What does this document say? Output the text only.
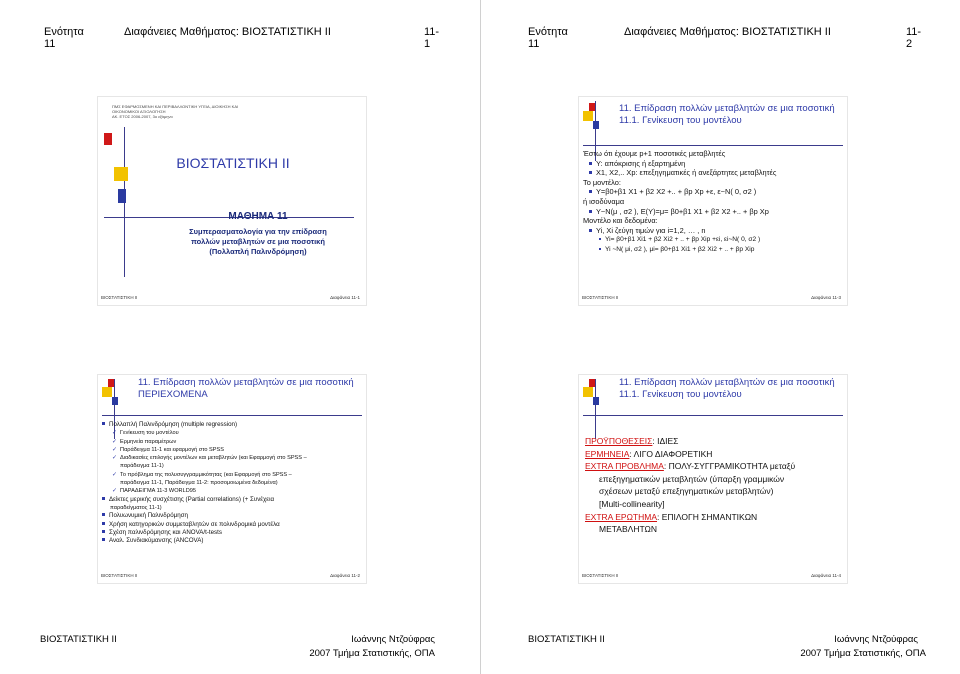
Ενότητα 11
Διαφάνειες Μαθήματος: ΒΙΟΣΤΑΤΙΣΤΙΚΗ ΙΙ	11-1
Ενότητα 11
Διαφάνειες Μαθήματος: ΒΙΟΣΤΑΤΙΣΤΙΚΗ ΙΙ	11-2
ΠΜΣ ΕΦΑΡΜΟΣΜΕΝΗ ΚΑΙ ΠΕΡΙΒΑΛΛΟΝΤΙΚΗ ΥΓΕΙΑ, ΔΙΟΙΚΗΣΗ ΚΑΙ
ΟΙΚΟΝΟΜΙΚΟΙ ΑΞΙΟΛΟΓΗΣΗ
ΑΚ. ΕΤΟΣ 2006-2007, 3ο εξάμηνο
ΒΙΟΣΤΑΤΙΣΤΙΚΗ ΙΙ
ΜΑΘΗΜΑ 11
Συμπερασματολογία για την επίδραση
πολλών μεταβλητών σε μια ποσοτική
(Πολλαπλή Παλινδρόμηση)
ΒΙΟΣΤΑΤΙΣΤΙΚΗ ΙΙ	Διαφάνεια 11-1
11. Επίδραση πολλών μεταβλητών σε μια ποσοτική
11.1. Γενίκευση του μοντέλου
Έστω ότι έχουμε p+1 ποσοτικές μεταβλητές
Y: απόκρισης ή εξαρτημένη
X1, X2,.. Xp: επεξηγηματικές ή ανεξάρτητες μεταβλητές
Το μοντέλο:
Y=β0+β1 X1 + β2 X2 +.. + βp Xp +ε, ε~N( 0, σ2 )
ή ισοδύναμα
Y~N(μ , σ2 ), E(Y)=μ= β0+β1 X1 + β2 X2 +.. + βp Xp
Μοντέλο και δεδομένα:
Yi, Xi ζεύγη τιμών για i=1,2, … , n
Yi= β0+β1 Xi1 + β2 Xi2 + .. + βp Xip +εi, εi~N( 0, σ2 )
Yi ~N( μi, σ2 ), μi= β0+β1 Xi1 + β2 Xi2 + .. + βp Xip
ΒΙΟΣΤΑΤΙΣΤΙΚΗ ΙΙ	Διαφάνεια 11-3
11. Επίδραση πολλών μεταβλητών σε μια ποσοτική
ΠΕΡΙΕΧΟΜΕΝΑ
Πολλαπλή Παλινδρόμηση (multiple regression)
✓ Γενίκευση του μοντέλου
✓ Ερμηνεία παραμέτρων
✓ Παράδειγμα 11-1 και εφαρμογή στο SPSS
✓ Διαδικασίες επιλογής μοντέλων και μεταβλητών (και Εφαρμογή στο SPSS –
παράδειγμα 11-1)
✓ Το πρόβλημα της πολυσυγγραμμικότητας (και Εφαρμογή στο SPSS –
παράδειγμα 11-1, Παράδειγμα 11-2: προσομοιωμένα δεδομένα)
✓ ΠΑΡΑΔΕΙΓΜΑ 11-3 WORLD95
Δείκτες μερικής συσχέτισης (Partial correlations) (+ Συνέχεια
παραδείγματος 11-1)
Πολυωνυμική Παλινδρόμηση
Χρήση κατηγορικών συμμεταβλητών σε πολινδρομικά μοντέλα
Σχέση παλινδρόμησης και ANOVA/t-tests
Αναλ. Συνδιακύμανσης (ANCOVA)
ΒΙΟΣΤΑΤΙΣΤΙΚΗ ΙΙ	Διαφάνεια 11-2
11. Επίδραση πολλών μεταβλητών σε μια ποσοτική
11.1. Γενίκευση του μοντέλου
ΠΡΟΫΠΟΘΕΣΕΙΣ: ΙΔΙΕΣ
ΕΡΜΗΝΕΙΑ: ΛΙΓΟ ΔΙΑΦΟΡΕΤΙΚΗ
EXTRA ΠΡΟΒΛΗΜΑ: ΠΟΛΥ-ΣΥΓΓΡΑΜΙΚΟΤΗΤΑ μεταξύ
επεξηγηματικών μεταβλητών (ύπαρξη γραμμικών
σχέσεων μεταξύ επεξηγηματικών μεταβλητών)
[Multi-collinearity]
EXTRA ΕΡΩΤΗΜΑ: ΕΠΙΛΟΓΗ ΣΗΜΑΝΤΙΚΩΝ
ΜΕΤΑΒΛΗΤΩΝ
ΒΙΟΣΤΑΤΙΣΤΙΚΗ ΙΙ	Διαφάνεια 11-4
ΒΙΟΣΤΑΤΙΣΤΙΚΗ ΙΙ	Ιωάννης Ντζούφρας
2007 Τμήμα Στατιστικής, ΟΠΑ
ΒΙΟΣΤΑΤΙΣΤΙΚΗ ΙΙ	Ιωάννης Ντζούφρας
2007 Τμήμα Στατιστικής, ΟΠΑ
